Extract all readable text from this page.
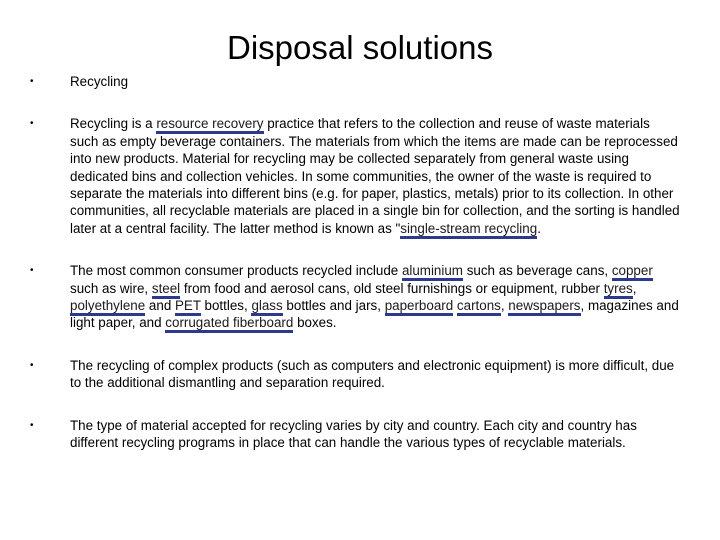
Disposal solutions
•	Recycling
•	Recycling is a resource recovery practice that refers to the collection and reuse of waste materials such as empty beverage containers. The materials from which the items are made can be reprocessed into new products. Material for recycling may be collected separately from general waste using dedicated bins and collection vehicles. In some communities, the owner of the waste is required to separate the materials into different bins (e.g. for paper, plastics, metals) prior to its collection. In other communities, all recyclable materials are placed in a single bin for collection, and the sorting is handled later at a central facility. The latter method is known as "single-stream recycling.
•	The most common consumer products recycled include aluminium such as beverage cans, copper such as wire, steel from food and aerosol cans, old steel furnishings or equipment, rubber tyres, polyethylene and PET bottles, glass bottles and jars, paperboard cartons, newspapers, magazines and light paper, and corrugated fiberboard boxes.
•	The recycling of complex products (such as computers and electronic equipment) is more difficult, due to the additional dismantling and separation required.
•	The type of material accepted for recycling varies by city and country. Each city and country has different recycling programs in place that can handle the various types of recyclable materials.
